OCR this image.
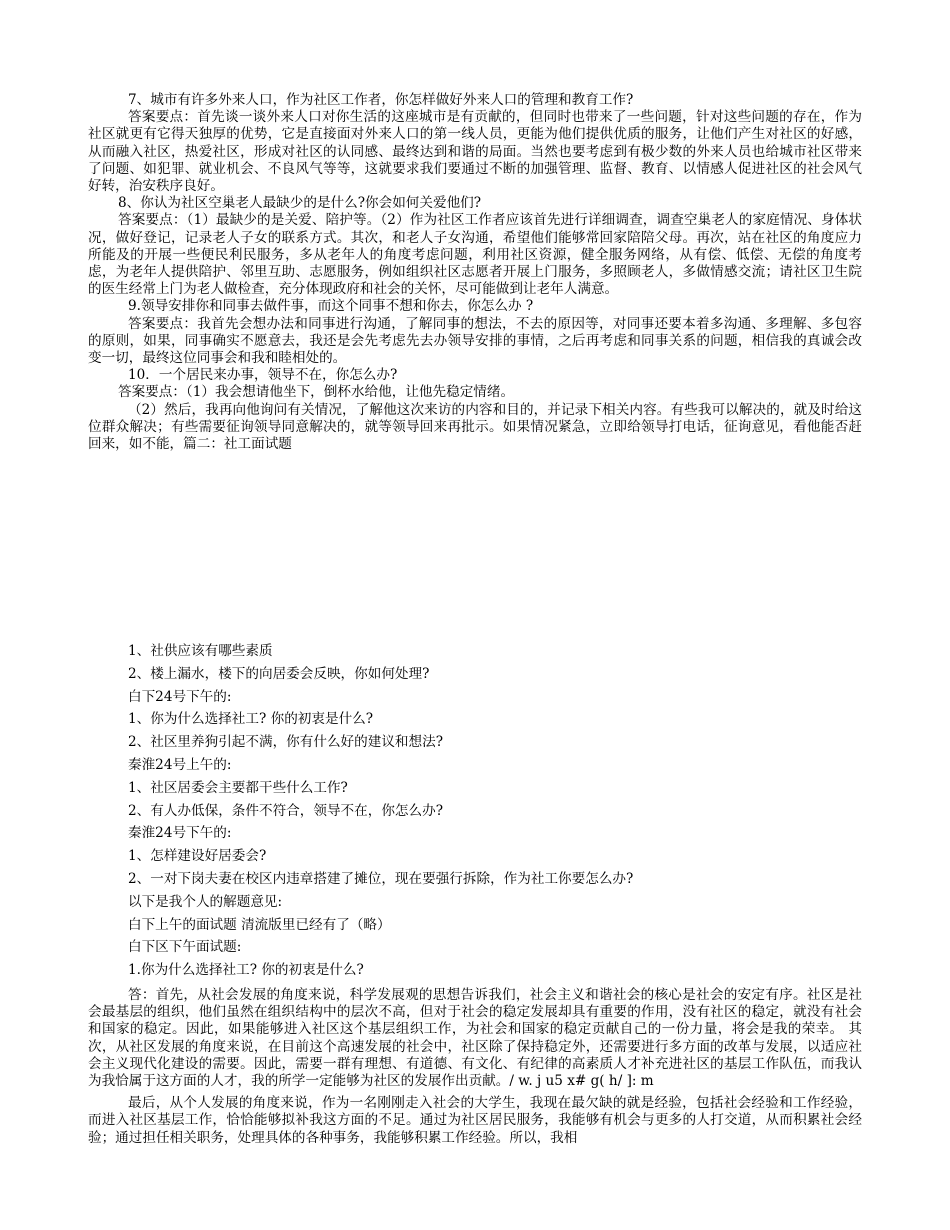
7、城市有许多外来人口，作为社区工作者，你怎样做好外来人口的管理和教育工作?

答案要点：首先谈一谈外来人口对你生活的这座城市是有贡献的，但同时也带来了一些问题，针对这些问题的存在，作为社区就更有它得天独厚的优势，它是直接面对外来人口的第一线人员，更能为他们提供优质的服务，让他们产生对社区的好感，从而融入社区，热爱社区，形成对社区的认同感、最终达到和谐的局面。当然也要考虑到有极少数的外来人员也给城市社区带来了问题、如犯罪、就业机会、不良风气等等，这就要求我们要通过不断的加强管理、监督、教育、以情感人促进社区的社会风气好转，治安秩序良好。

8、你认为社区空巢老人最缺少的是什么?你会如何关爱他们?

答案要点：（1）最缺少的是关爱、陪护等。（2）作为社区工作者应该首先进行详细调查，调查空巢老人的家庭情况、身体状况，做好登记，记录老人子女的联系方式。其次，和老人子女沟通，希望他们能够常回家陪陪父母。再次，站在社区的角度应力所能及的开展一些便民利民服务，多从老年人的角度考虑问题，利用社区资源，健全服务网络，从有偿、低偿、无偿的角度考虑，为老年人提供陪护、邻里互助、志愿服务，例如组织社区志愿者开展上门服务，多照顾老人，多做情感交流；请社区卫生院的医生经常上门为老人做检查，充分体现政府和社会的关怀，尽可能做到让老年人满意。

9.领导安排你和同事去做件事，而这个同事不想和你去，你怎么办 ?

答案要点：我首先会想办法和同事进行沟通，了解同事的想法，不去的原因等，对同事还要本着多沟通、多理解、多包容的原则，如果，同事确实不愿意去，我还是会先考虑先去办领导安排的事情，之后再考虑和同事关系的问题，相信我的真诚会改变一切，最终这位同事会和我和睦相处的。

10．一个居民来办事，领导不在，你怎么办?

答案要点：（1）我会想请他坐下，倒杯水给他，让他先稳定情绪。

（2）然后，我再向他询问有关情况，了解他这次来访的内容和目的，并记录下相关内容。有些我可以解决的，就及时给这位群众解决；有些需要征询领导同意解决的，就等领导回来再批示。如果情况紧急，立即给领导打电话，征询意见，看他能否赶回来，如不能，篇二：社工面试题

1、社供应该有哪些素质

2、楼上漏水，楼下的向居委会反映，你如何处理?

白下24号下午的:

1、你为什么选择社工? 你的初衷是什么?

2、社区里养狗引起不满，你有什么好的建议和想法?

秦淮24号上午的:

1、社区居委会主要都干些什么工作?

2、有人办低保，条件不符合，领导不在，你怎么办?

秦淮24号下午的:

1、怎样建设好居委会?

2、一对下岗夫妻在校区内违章搭建了摊位，现在要强行拆除，作为社工你要怎么办?

以下是我个人的解题意见:

白下上午的面试题 清流版里已经有了（略）

白下区下午面试题:

1.你为什么选择社工? 你的初衷是什么?

答：首先，从社会发展的角度来说，科学发展观的思想告诉我们，社会主义和谐社会的核心是社会的安定有序。社区是社会最基层的组织，他们虽然在组织结构中的层次不高，但对于社会的稳定发展却具有重要的作用，没有社区的稳定，就没有社会和国家的稳定。因此，如果能够进入社区这个基层组织工作，为社会和国家的稳定贡献自己的一份力量，将会是我的荣幸。 其次，从社区发展的角度来说，在目前这个高速发展的社会中，社区除了保持稳定外，还需要进行多方面的改革与发展，以适应社会主义现代化建设的需要。因此，需要一群有理想、有道德、有文化、有纪律的高素质人才补充进社区的基层工作队伍，而我认为我恰属于这方面的人才，我的所学一定能够为社区的发展作出贡献。/ w. j u5 x# g( h/ ]: m

最后，从个人发展的角度来说，作为一名刚刚走入社会的大学生，我现在最欠缺的就是经验，包括社会经验和工作经验，而进入社区基层工作，恰恰能够拟补我这方面的不足。通过为社区居民服务，我能够有机会与更多的人打交道，从而积累社会经验；通过担任相关职务，处理具体的各种事务，我能够积累工作经验。所以，我相
